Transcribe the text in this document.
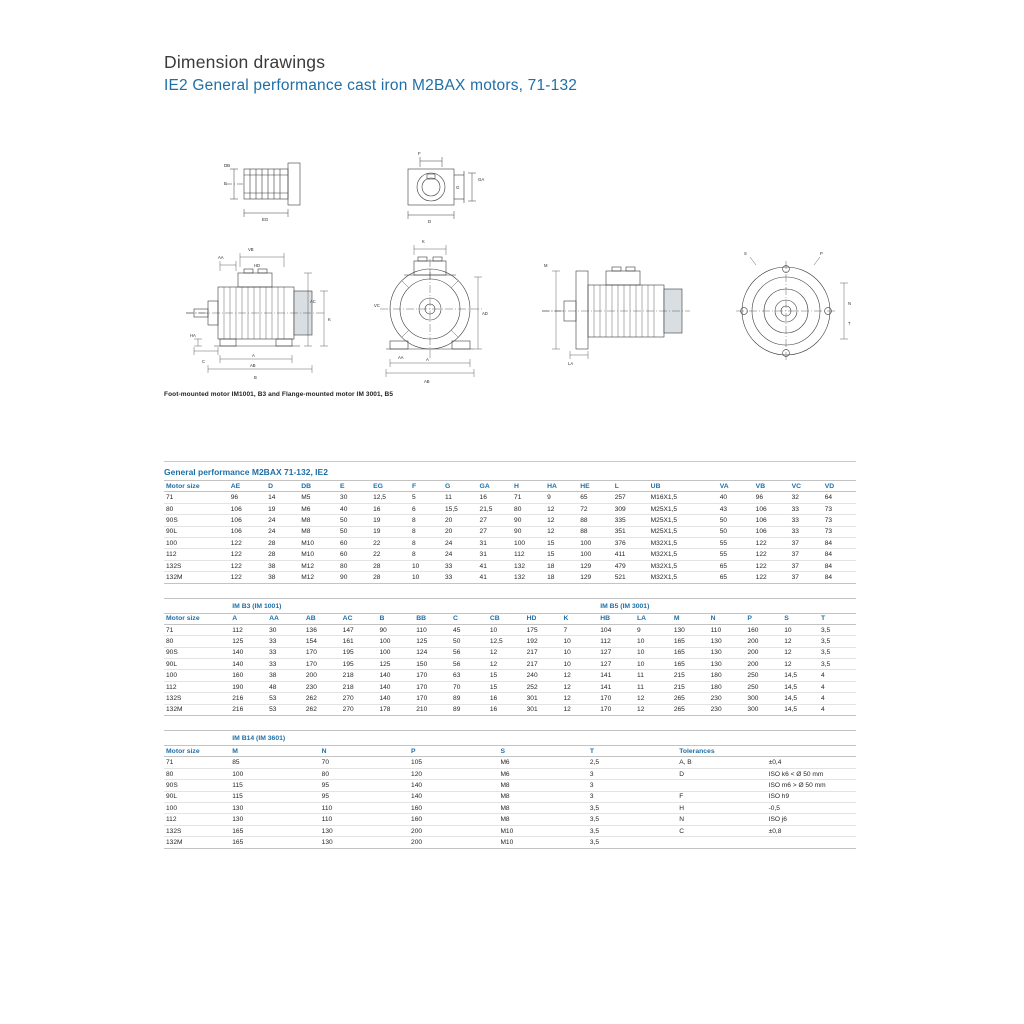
Dimension drawings
IE2 General performance cast iron M2BAX motors, 71-132
DB
E
EG
F
G
GA
D
AA
VB
HD
AC
K
HA
A
AB
B
C
K
AD
VC
AA	A
AB
LA
M
S	P
N
T
Foot-mounted motor IM1001, B3 and Flange-mounted motor IM 3001, B5
General performance M2BAX 71-132, IE2
Motor size	AE	D	DB	E	EG	F	G	GA	H	HA	HE	L	UB	VA	VB	VC	VD
71	96	14	M5	30	12,5	5	11	16	71	9	65	257	M16X1,5	40	96	32	64
80	106	19	M6	40	16	6	15,5	21,5	80	12	72	309	M25X1,5	43	106	33	73
90S	106	24	M8	50	19	8	20	27	90	12	88	335	M25X1,5	50	106	33	73
90L	106	24	M8	50	19	8	20	27	90	12	88	351	M25X1,5	50	106	33	73
100	122	28	M10	60	22	8	24	31	100	15	100	376	M32X1,5	55	122	37	84
112	122	28	M10	60	22	8	24	31	112	15	100	411	M32X1,5	55	122	37	84
132S	122	38	M12	80	28	10	33	41	132	18	129	479	M32X1,5	65	122	37	84
132M	122	38	M12	90	28	10	33	41	132	18	129	521	M32X1,5	65	122	37	84
	IM B3 (IM 1001)										IM B5 (IM 3001)						
Motor size	A	AA	AB	AC	B	BB	C	CB	HD	K	HB	LA	M	N	P	S	T
71	112	30	136	147	90	110	45	10	175	7	104	9	130	110	160	10	3,5
80	125	33	154	161	100	125	50	12,5	192	10	112	10	165	130	200	12	3,5
90S	140	33	170	195	100	124	56	12	217	10	127	10	165	130	200	12	3,5
90L	140	33	170	195	125	150	56	12	217	10	127	10	165	130	200	12	3,5
100	160	38	200	218	140	170	63	15	240	12	141	11	215	180	250	14,5	4
112	190	48	230	218	140	170	70	15	252	12	141	11	215	180	250	14,5	4
132S	216	53	262	270	140	170	89	16	301	12	170	12	265	230	300	14,5	4
132M	216	53	262	270	178	210	89	16	301	12	170	12	265	230	300	14,5	4
	IM B14 (IM 3601)						
Motor size	M	N	P	S	T	Tolerances	
71	85	70	105	M6	2,5	A, B	±0,4
80	100	80	120	M6	3	D	ISO k6 < Ø 50 mm
90S	115	95	140	M8	3		ISO m6 > Ø 50 mm
90L	115	95	140	M8	3	F	ISO h9
100	130	110	160	M8	3,5	H	-0,5
112	130	110	160	M8	3,5	N	ISO j6
132S	165	130	200	M10	3,5	C	±0,8
132M	165	130	200	M10	3,5		
